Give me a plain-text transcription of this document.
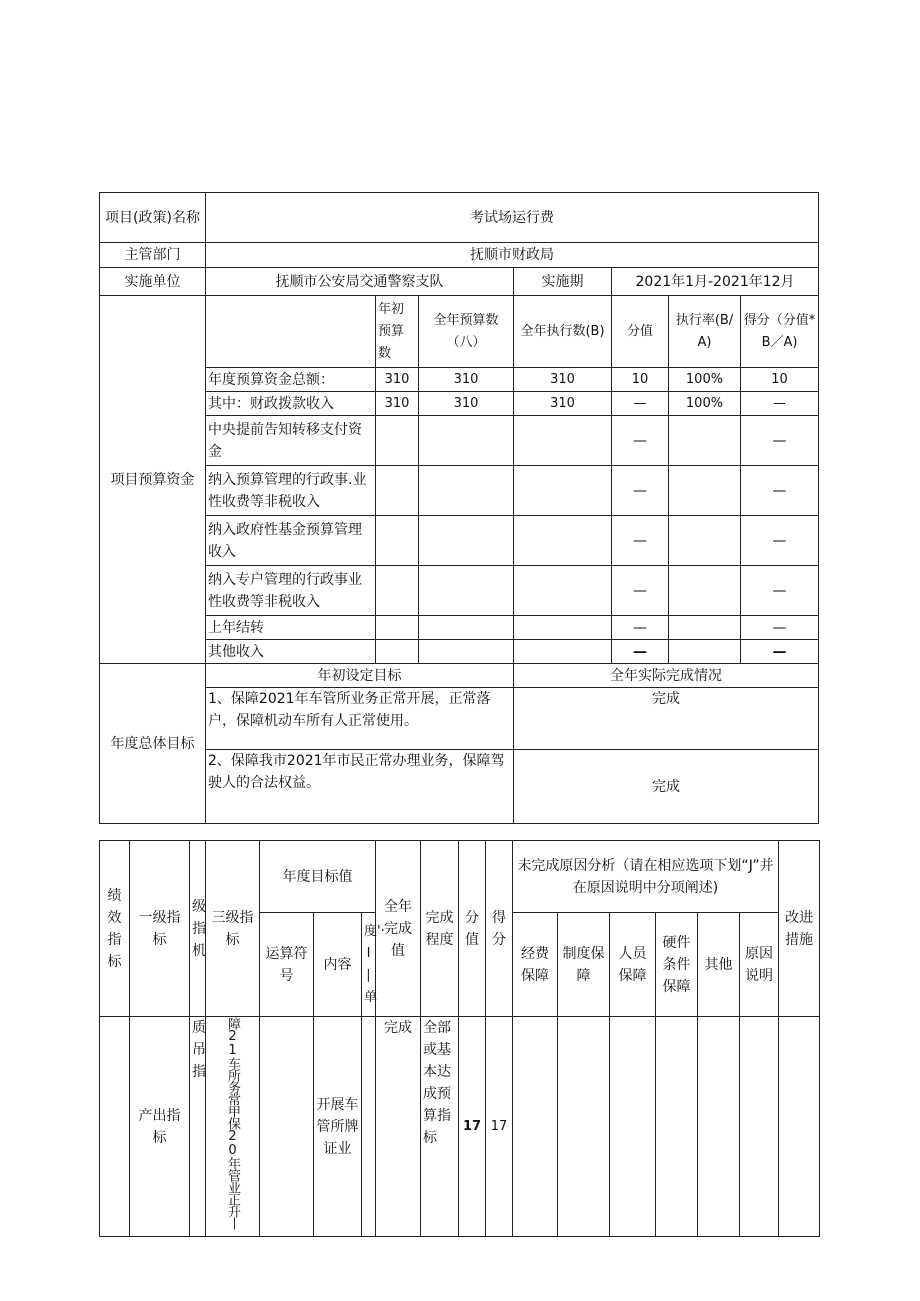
项目(政策)名称	考试场运行费						
主管部门	抚顺市财政局						
实施单位	抚顺市公安局交通警察支队			实施期	2021年1月-2021年12月		
项目预算资金		年初预算数	全年预算数（八）	全年执行数(B)	分值	执行率(B/A)	得分（分值*B／A)
	年度预算资金总额：	310	310	310	10	100%	10
	其中：财政拨款收入	310	310	310	—	100%	—
	中央提前告知转移支付资金				—		—
	纳入预算管理的行政事.业性收费等非税收入				—		—
	纳入政府性基金预算管理收入				—		—
	纳入专户管理的行政事业性收费等非税收入				—		—
	上年结转				—		—
	其他收入				—		—
年度总体目标	年初设定目标			全年实际完成情况			
	1、保障2021年车管所业务正常开展，正常落户，保障机动车所有人正常使用。			完成			
	2、保障我市2021年市民正常办理业务，保障驾驶人的合法权益。			完成			
绩效指标	一级指标	级指机	三级指标	年度目标值			全年完成值	完成程度	分值	得分	未完成原因分析（请在相应选项下划“J”并在原因说明中分项阐述)						改进措施
				运算符号	内容	度'·I∣单					经费保障	制度保障	人员保障	硬件条件保障	其他	原因说明	
	产出指标	质吊指	障21车所务常甲保20年管业正升丨		开展车管所牌证业		完成	全部或基本达成预算指标	17	17							
